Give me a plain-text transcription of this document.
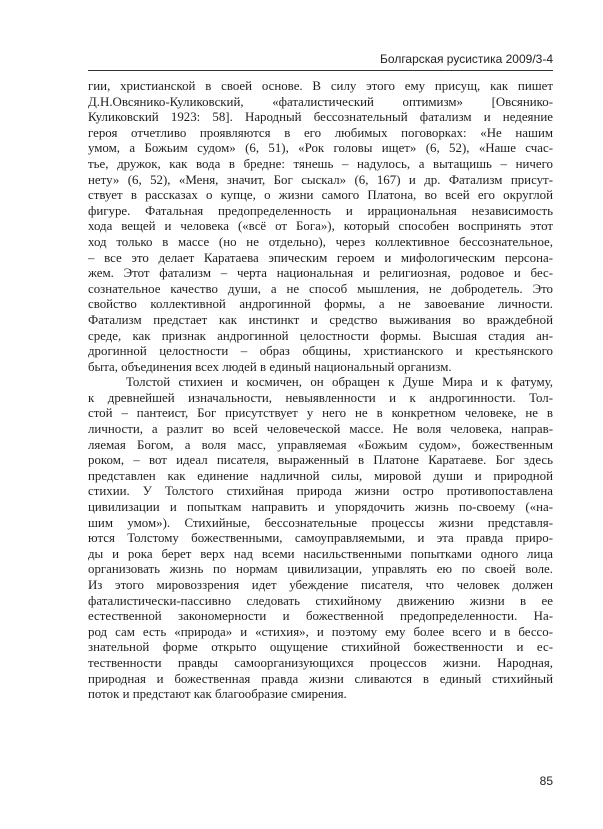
Болгарская русистика 2009/3-4
гии, христианской в своей основе. В силу этого ему присущ, как пишет
Д.Н.Овсянико-Куликовский, «фаталистический оптимизм» [Овсянико-
Куликовский 1923: 58]. Народный бессознательный фатализм и недеяние
героя отчетливо проявляются в его любимых поговорках: «Не нашим
умом, а Божьим судом» (6, 51), «Рок головы ищет» (6, 52), «Наше счас-
тье, дружок, как вода в бредне: тянешь – надулось, а вытащишь – ничего
нету» (6, 52), «Меня, значит, Бог сыскал» (6, 167) и др. Фатализм присут-
ствует в рассказах о купце, о жизни самого Платона, во всей его округлой
фигуре. Фатальная предопределенность и иррациональная независимость
хода вещей и человека («всё от Бога»), который способен воспринять этот
ход только в массе (но не отдельно), через коллективное бессознательное,
– все это делает Каратаева эпическим героем и мифологическим персона-
жем. Этот фатализм – черта национальная и религиозная, родовое и бес-
сознательное качество души, а не способ мышления, не добродетель. Это
свойство коллективной андрогинной формы, а не завоевание личности.
Фатализм предстает как инстинкт и средство выживания во враждебной
среде, как признак андрогинной целостности формы. Высшая стадия ан-
дрогинной целостности – образ общины, христианского и крестьянского
быта, объединения всех людей в единый национальный организм.
Толстой стихиен и космичен, он обращен к Душе Мира и к фатуму,
к древнейшей изначальности, невыявленности и к андрогинности. Тол-
стой – пантеист, Бог присутствует у него не в конкретном человеке, не в
личности, а разлит во всей человеческой массе. Не воля человека, направ-
ляемая Богом, а воля масс, управляемая «Божьим судом», божественным
роком, – вот идеал писателя, выраженный в Платоне Каратаеве. Бог здесь
представлен как единение надличной силы, мировой души и природной
стихии. У Толстого стихийная природа жизни остро противопоставлена
цивилизации и попыткам направить и упорядочить жизнь по-своему («на-
шим умом»). Стихийные, бессознательные процессы жизни представля-
ются Толстому божественными, самоуправляемыми, и эта правда приро-
ды и рока берет верх над всеми насильственными попытками одного лица
организовать жизнь по нормам цивилизации, управлять ею по своей воле.
Из этого мировоззрения идет убеждение писателя, что человек должен
фаталистически-пассивно следовать стихийному движению жизни в ее
естественной закономерности и божественной предопределенности. На-
род сам есть «природа» и «стихия», и поэтому ему более всего и в бессо-
знательной форме открыто ощущение стихийной божественности и ес-
тественности правды самоорганизующихся процессов жизни. Народная,
природная и божественная правда жизни сливаются в единый стихийный
поток и предстают как благообразие смирения.
85
